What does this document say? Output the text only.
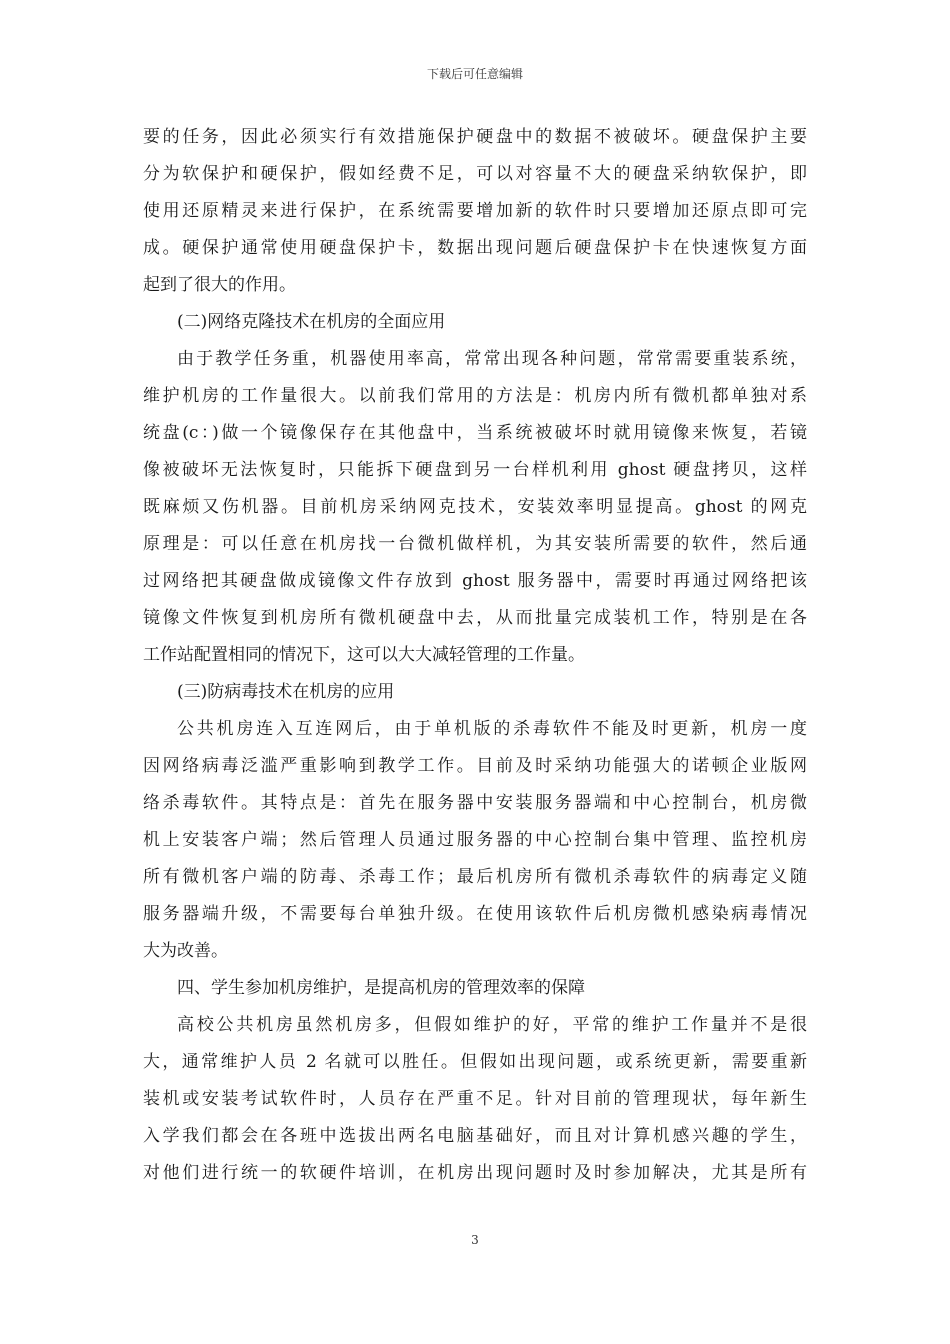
下载后可任意编辑
要的任务，因此必须实行有效措施保护硬盘中的数据不被破坏。硬盘保护主要
分为软保护和硬保护，假如经费不足，可以对容量不大的硬盘采纳软保护，即
使用还原精灵来进行保护，在系统需要增加新的软件时只要增加还原点即可完
成。硬保护通常使用硬盘保护卡，数据出现问题后硬盘保护卡在快速恢复方面
起到了很大的作用。
(二)网络克隆技术在机房的全面应用
由于教学任务重，机器使用率高，常常出现各种问题，常常需要重装系统，
维护机房的工作量很大。以前我们常用的方法是：机房内所有微机都单独对系
统盘(c：)做一个镜像保存在其他盘中，当系统被破坏时就用镜像来恢复，若镜
像被破坏无法恢复时，只能拆下硬盘到另一台样机利用 ghost 硬盘拷贝，这样
既麻烦又伤机器。目前机房采纳网克技术，安装效率明显提高。ghost 的网克
原理是：可以任意在机房找一台微机做样机，为其安装所需要的软件，然后通
过网络把其硬盘做成镜像文件存放到 ghost 服务器中，需要时再通过网络把该
镜像文件恢复到机房所有微机硬盘中去，从而批量完成装机工作，特别是在各
工作站配置相同的情况下，这可以大大减轻管理的工作量。
(三)防病毒技术在机房的应用
公共机房连入互连网后，由于单机版的杀毒软件不能及时更新，机房一度
因网络病毒泛滥严重影响到教学工作。目前及时采纳功能强大的诺顿企业版网
络杀毒软件。其特点是：首先在服务器中安装服务器端和中心控制台，机房微
机上安装客户端；然后管理人员通过服务器的中心控制台集中管理、监控机房
所有微机客户端的防毒、杀毒工作；最后机房所有微机杀毒软件的病毒定义随
服务器端升级，不需要每台单独升级。在使用该软件后机房微机感染病毒情况
大为改善。
四、学生参加机房维护，是提高机房的管理效率的保障
高校公共机房虽然机房多，但假如维护的好，平常的维护工作量并不是很
大，通常维护人员 2 名就可以胜任。但假如出现问题，或系统更新，需要重新
装机或安装考试软件时，人员存在严重不足。针对目前的管理现状，每年新生
入学我们都会在各班中选拔出两名电脑基础好，而且对计算机感兴趣的学生，
对他们进行统一的软硬件培训，在机房出现问题时及时参加解决，尤其是所有
3
